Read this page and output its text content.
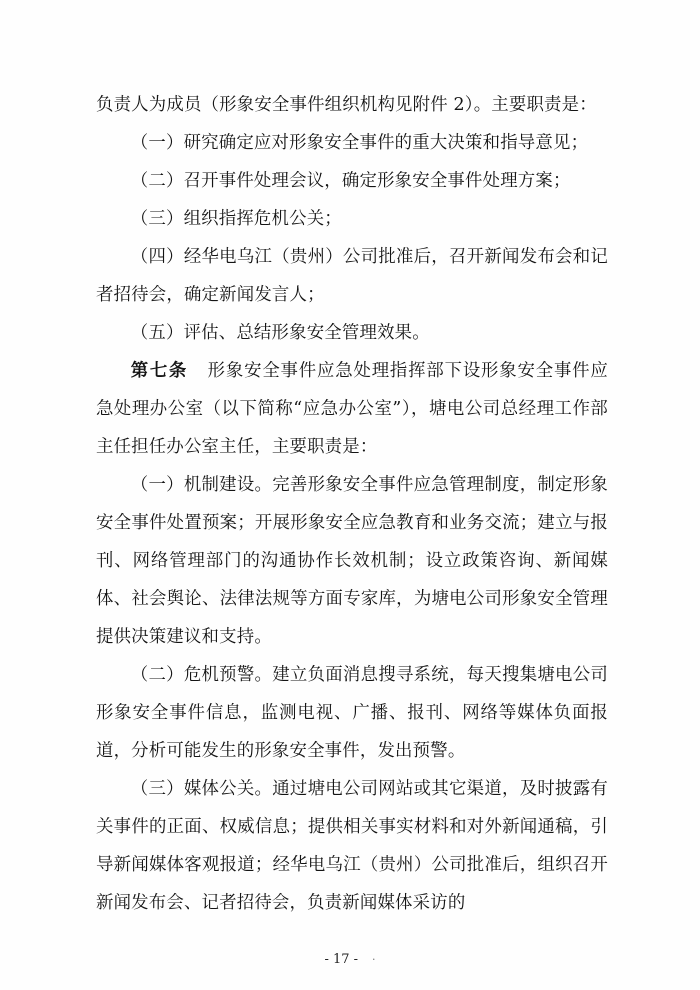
负责人为成员（形象安全事件组织机构见附件 2）。主要职责是：

（一）研究确定应对形象安全事件的重大决策和指导意见；

（二）召开事件处理会议，确定形象安全事件处理方案；

（三）组织指挥危机公关；

（四）经华电乌江（贵州）公司批准后，召开新闻发布会和记者招待会，确定新闻发言人；

（五）评估、总结形象安全管理效果。

第七条 形象安全事件应急处理指挥部下设形象安全事件应急处理办公室（以下简称“应急办公室”），塘电公司总经理工作部主任担任办公室主任，主要职责是：

（一）机制建设。完善形象安全事件应急管理制度，制定形象安全事件处置预案；开展形象安全应急教育和业务交流；建立与报刊、网络管理部门的沟通协作长效机制；设立政策咨询、新闻媒体、社会舆论、法律法规等方面专家库，为塘电公司形象安全管理提供决策建议和支持。

（二）危机预警。建立负面消息搜寻系统，每天搜集塘电公司形象安全事件信息，监测电视、广播、报刊、网络等媒体负面报道，分析可能发生的形象安全事件，发出预警。

（三）媒体公关。通过塘电公司网站或其它渠道，及时披露有关事件的正面、权威信息；提供相关事实材料和对外新闻通稿，引导新闻媒体客观报道；经华电乌江（贵州）公司批准后，组织召开新闻发布会、记者招待会，负责新闻媒体采访的

- 17 - ·
